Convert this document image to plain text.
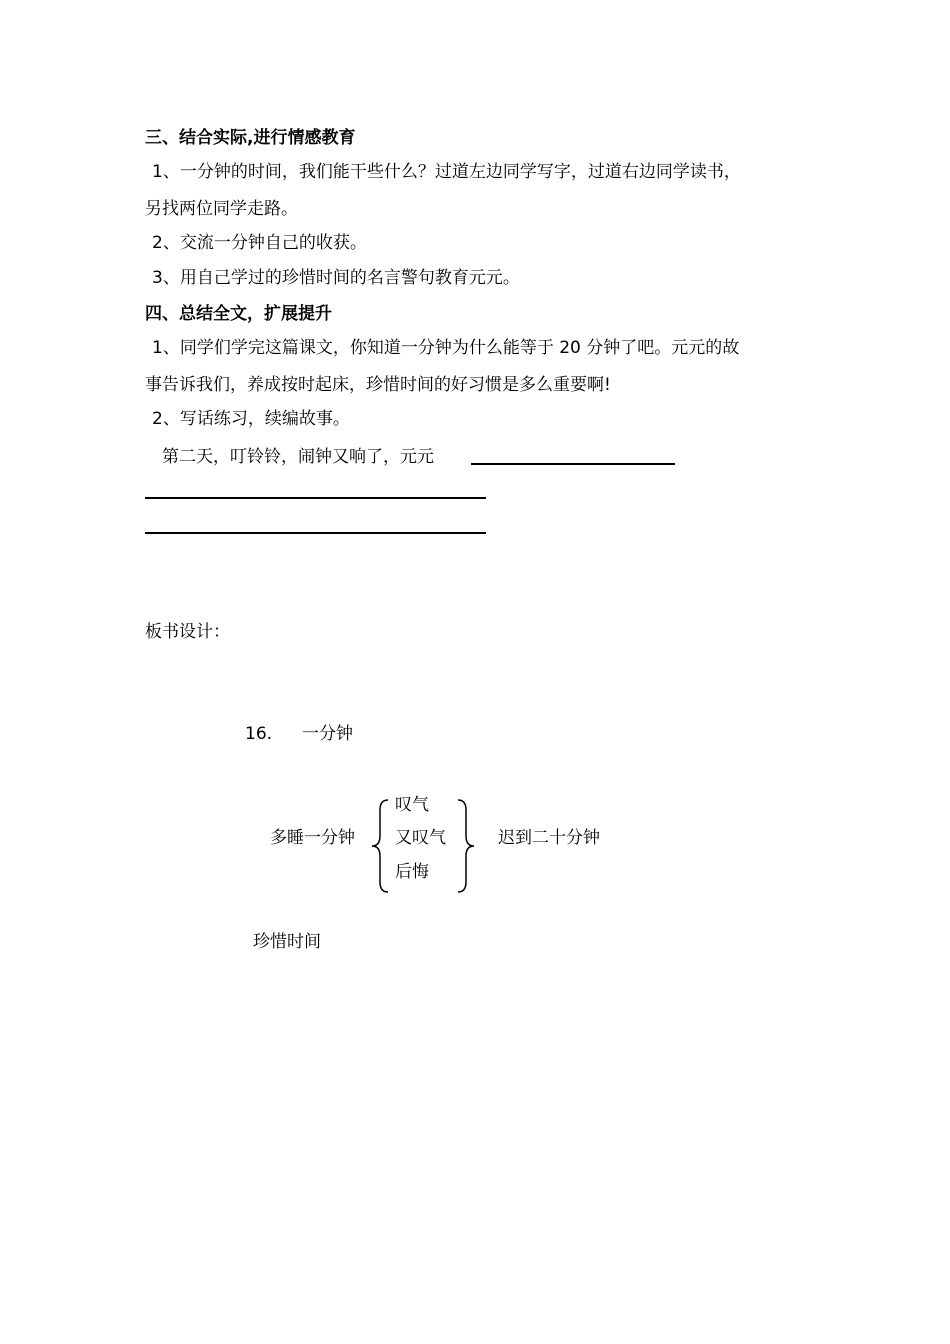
三、结合实际,进行情感教育
1、一分钟的时间，我们能干些什么？过道左边同学写字，过道右边同学读书，
另找两位同学走路。
2、交流一分钟自己的收获。
3、用自己学过的珍惜时间的名言警句教育元元。
四、总结全文，扩展提升
1、同学们学完这篇课文，你知道一分钟为什么能等于 20 分钟了吧。元元的故
事告诉我们，养成按时起床，珍惜时间的好习惯是多么重要啊!
2、写话练习，续编故事。
第二天，叮铃铃，闹钟又响了，元元
板书设计：
16. 一分钟
多睡一分钟
叹气
又叹气
后悔
迟到二十分钟
珍惜时间
